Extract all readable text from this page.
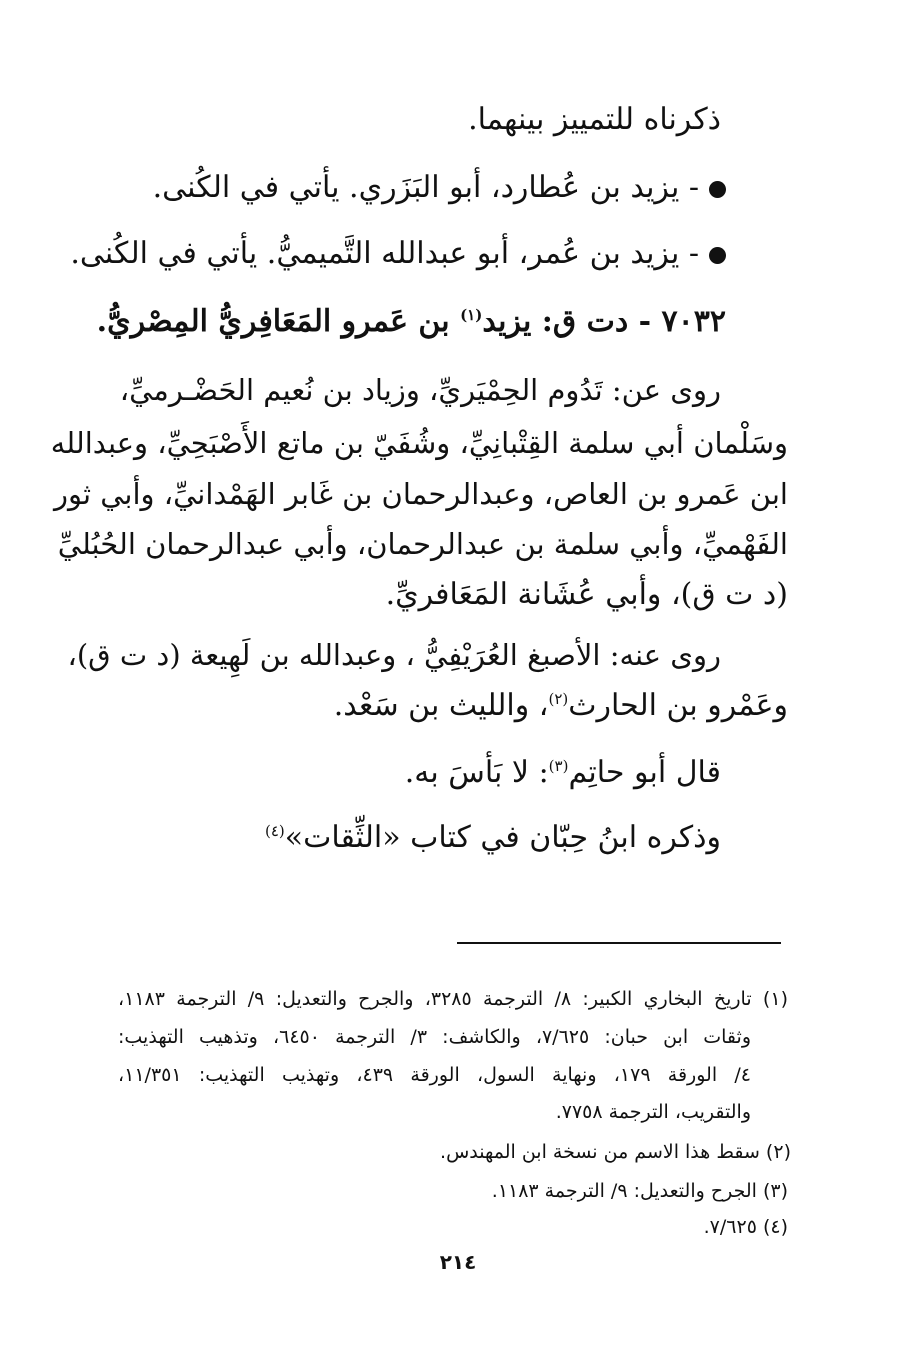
ذكرناه للتمييز بينهما.
- يزيد بن عُطارد، أبو البَزَري. يأتي في الكُنى.
- يزيد بن عُمر، أبو عبدالله التَّميميُّ. يأتي في الكُنى.
٧٠٣٢ - دت ق: يزيد$^{(١)}$ بن عَمرو المَعَافِريُّ المِصْريُّ.
روى عن: تَدُوم الحِمْيَريِّ، وزياد بن نُعيم الحَضْـرميِّ،
وسَلْمان أبي سلمة القِتْبانِيِّ، وشُفَيّ بن ماتع الأَصْبَحِيِّ، وعبدالله
ابن عَمرو بن العاص، وعبدالرحمان بن غَابر الهَمْدانيِّ، وأبي ثور
الفَهْميِّ، وأبي سلمة بن عبدالرحمان، وأبي عبدالرحمان الحُبُليِّ
(د ت ق)، وأبي عُشَانة المَعَافريِّ.
روى عنه: الأصبغ العُرَيْفِيُّ ، وعبدالله بن لَهِيعة (د ت ق)،
وعَمْرو بن الحارث$^{(٢)}$، والليث بن سَعْد.
قال أبو حاتِم$^{(٣)}$: لا بَأسَ به.
وذكره ابنُ حِبّان في كتاب «الثِّقات»$^{(٤)}$
(١) تاريخ البخاري الكبير: ٨/ الترجمة ٣٢٨٥، والجرح والتعديل: ٩/ الترجمة ١١٨٣،
وثقات ابن حبان: ٧/٦٢٥، والكاشف: ٣/ الترجمة ٦٤٥٠، وتذهيب التهذيب:
٤/ الورقة ١٧٩، ونهاية السول، الورقة ٤٣٩، وتهذيب التهذيب: ١١/٣٥١،
والتقريب، الترجمة ٧٧٥٨.
(٢) سقط هذا الاسم من نسخة ابن المهندس.
(٣) الجرح والتعديل: ٩/ الترجمة ١١٨٣.
(٤) ٧/٦٢٥.
٢١٤
